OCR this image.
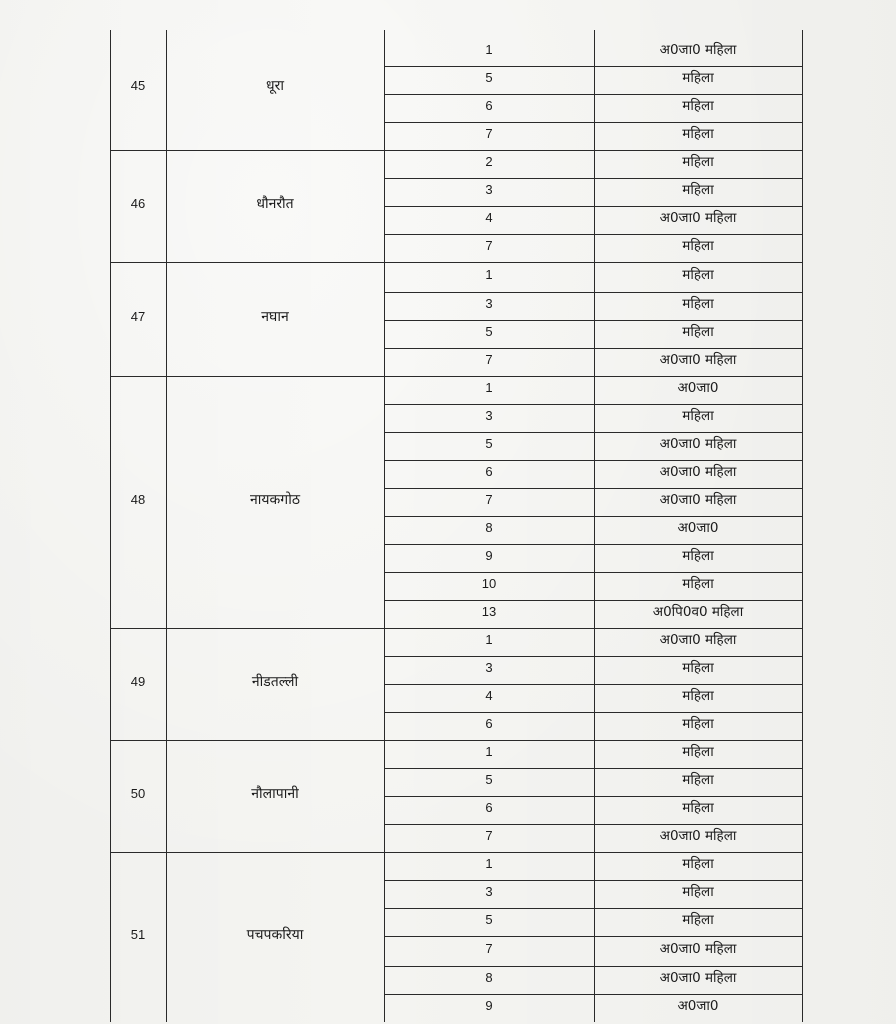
45	धूरा
1	अ0जा0 महिला
5	महिला
6	महिला
7	महिला
46	धौनरौत
2	महिला
3	महिला
4	अ0जा0 महिला
7	महिला
47	नघान
1	महिला
3	महिला
5	महिला
7	अ0जा0 महिला
48	नायकगोठ
1	अ0जा0
3	महिला
5	अ0जा0 महिला
6	अ0जा0 महिला
7	अ0जा0 महिला
8	अ0जा0
9	महिला
10	महिला
13	अ0पि0व0 महिला
49	नीडतल्ली
1	अ0जा0 महिला
3	महिला
4	महिला
6	महिला
50	नौलापानी
1	महिला
5	महिला
6	महिला
7	अ0जा0 महिला
51	पचपकरिया
1	महिला
3	महिला
5	महिला
7	अ0जा0 महिला
8	अ0जा0 महिला
9	अ0जा0
